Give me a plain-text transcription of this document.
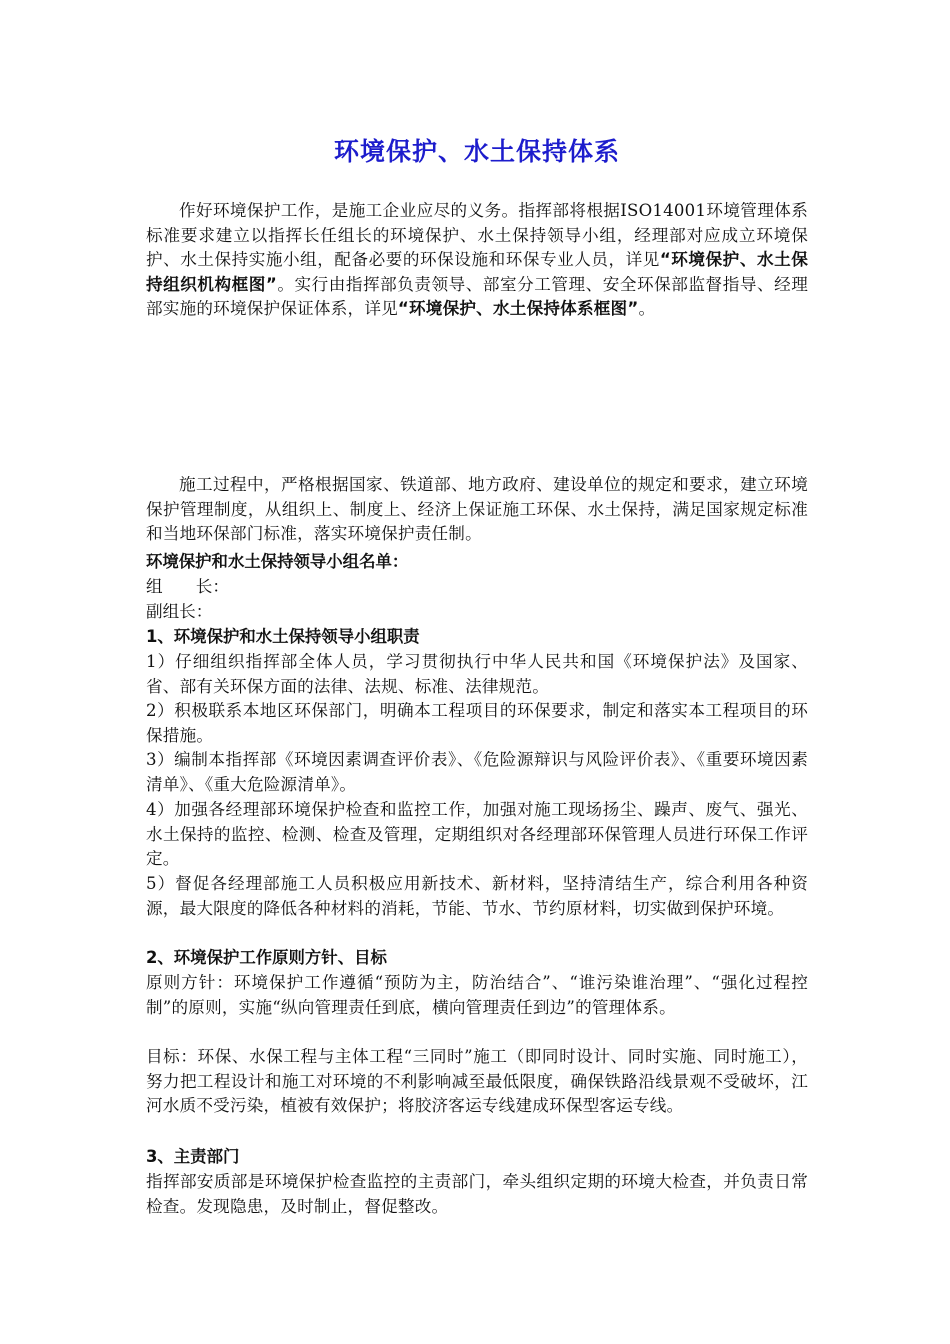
环境保护、水土保持体系

作好环境保护工作，是施工企业应尽的义务。指挥部将根据ISO14001环境管理体系标准要求建立以指挥长任组长的环境保护、水土保持领导小组，经理部对应成立环境保护、水土保持实施小组，配备必要的环保设施和环保专业人员，详见“环境保护、水土保持组织机构框图”。实行由指挥部负责领导、部室分工管理、安全环保部监督指导、经理部实施的环境保护保证体系，详见“环境保护、水土保持体系框图”。

施工过程中，严格根据国家、铁道部、地方政府、建设单位的规定和要求，建立环境保护管理制度，从组织上、制度上、经济上保证施工环保、水土保持，满足国家规定标准和当地环保部门标准，落实环境保护责任制。

环境保护和水土保持领导小组名单：

组　　长：

副组长：

1、环境保护和水土保持领导小组职责

1）仔细组织指挥部全体人员，学习贯彻执行中华人民共和国《环境保护法》及国家、省、部有关环保方面的法律、法规、标准、法律规范。

2）积极联系本地区环保部门，明确本工程项目的环保要求，制定和落实本工程项目的环保措施。

3）编制本指挥部《环境因素调查评价表》、《危险源辩识与风险评价表》、《重要环境因素清单》、《重大危险源清单》。

4）加强各经理部环境保护检查和监控工作，加强对施工现场扬尘、躁声、废气、强光、水土保持的监控、检测、检查及管理，定期组织对各经理部环保管理人员进行环保工作评定。

5）督促各经理部施工人员积极应用新技术、新材料，坚持清结生产，综合利用各种资源，最大限度的降低各种材料的消耗，节能、节水、节约原材料，切实做到保护环境。

2、环境保护工作原则方针、目标

原则方针：环境保护工作遵循“预防为主，防治结合”、“谁污染谁治理”、“强化过程控制”的原则，实施“纵向管理责任到底，横向管理责任到边”的管理体系。

目标：环保、水保工程与主体工程“三同时”施工（即同时设计、同时实施、同时施工），努力把工程设计和施工对环境的不利影响减至最低限度，确保铁路沿线景观不受破坏，江河水质不受污染，植被有效保护；将胶济客运专线建成环保型客运专线。

3、主责部门

指挥部安质部是环境保护检查监控的主责部门，牵头组织定期的环境大检查，并负责日常检查。发现隐患，及时制止，督促整改。
